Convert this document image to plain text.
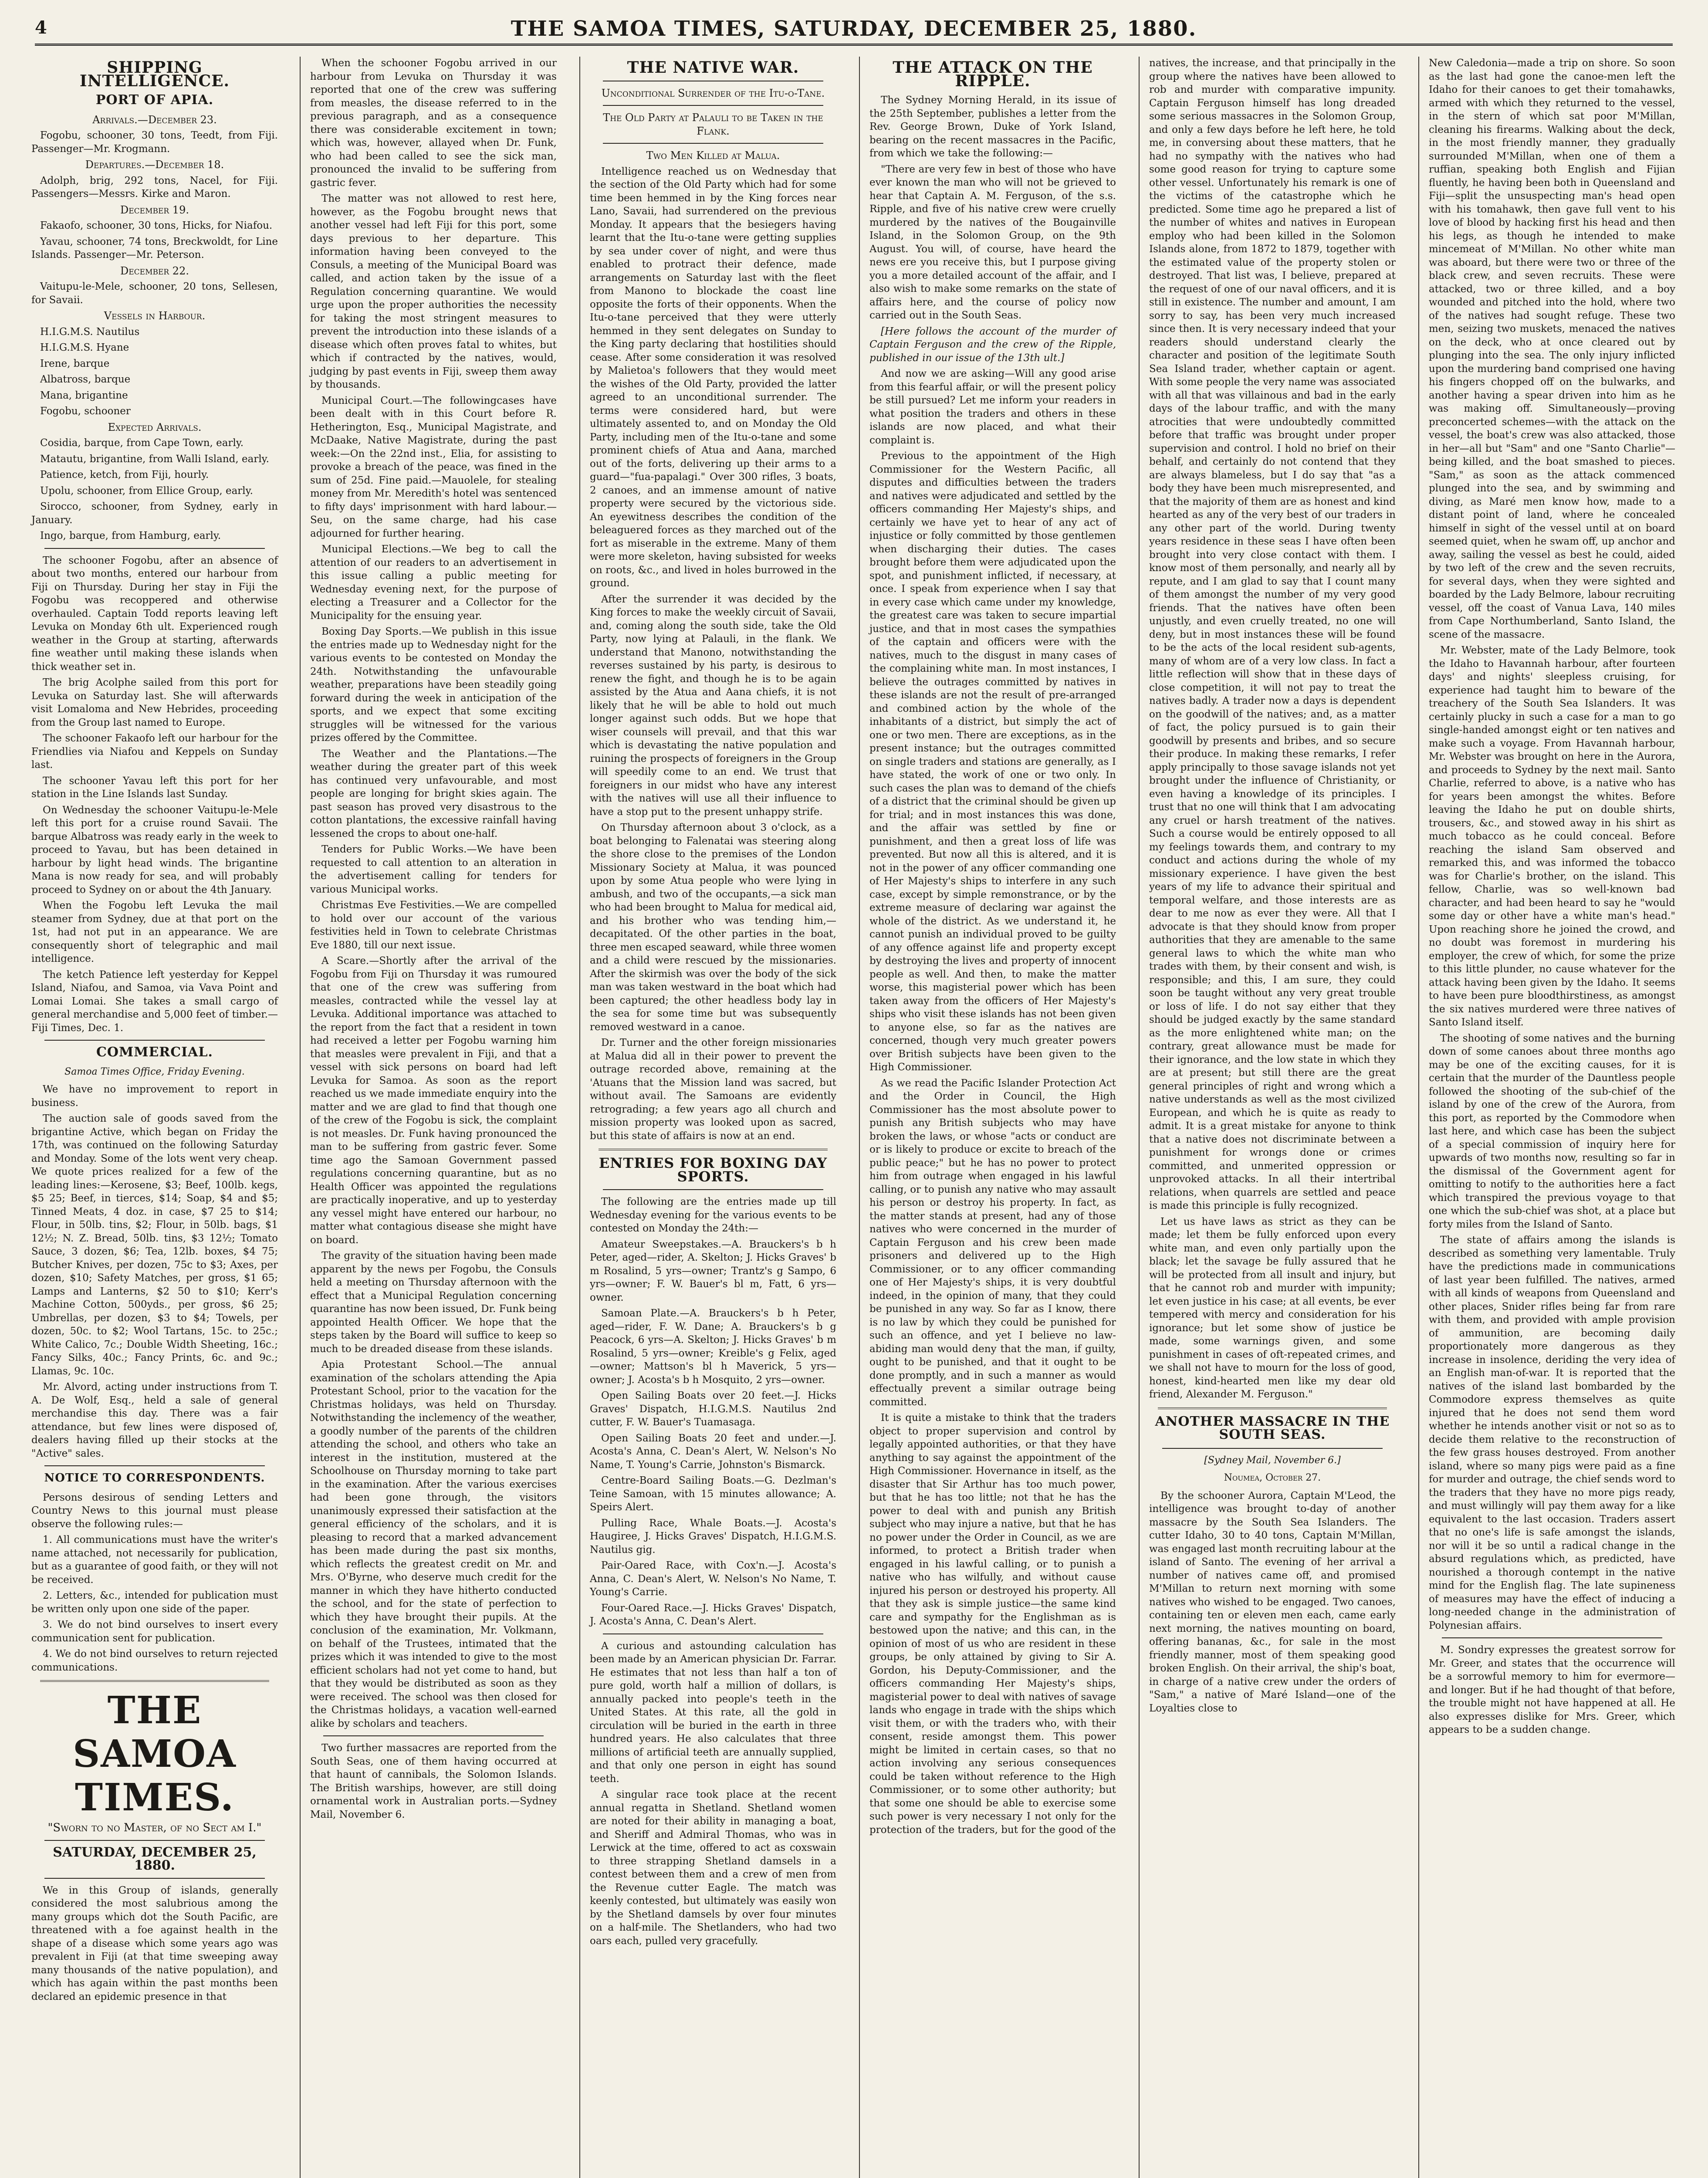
4	THE SAMOA TIMES, SATURDAY, DECEMBER 25, 1880.
SHIPPING INTELLIGENCE.
PORT OF APIA.
Arrivals.—December 23.
Fogobu, schooner, 30 tons, Teedt, from Fiji. Passenger—Mr. Krogmann.
Departures.—December 18.
Adolph, brig, 292 tons, Nacel, for Fiji. Passengers—Messrs. Kirke and Maron.
December 19.
Fakaofo, schooner, 30 tons, Hicks, for Niafou.
Yavau, schooner, 74 tons, Breckwoldt, for Line Islands. Passenger—Mr. Peterson.
December 22.
Vaitupu-le-Mele, schooner, 20 tons, Sellesen, for Savaii.
Vessels in Harbour.
H.I.G.M.S. Nautilus
H.I.G.M.S. Hyane
Irene, barque
Albatross, barque
Mana, brigantine
Fogobu, schooner
Expected Arrivals.
Cosidia, barque, from Cape Town, early.
Matautu, brigantine, from Walli Island, early.
Patience, ketch, from Fiji, hourly.
Upolu, schooner, from Ellice Group, early.
Sirocco, schooner, from Sydney, early in January.
Ingo, barque, from Hamburg, early.
The schooner Fogobu, after an absence of about two months, entered our harbour from Fiji on Thursday. During her stay in Fiji the Fogobu was recoppered and otherwise overhauled. Captain Todd reports leaving left Levuka on Monday 6th ult. Experienced rough weather in the Group at starting, afterwards fine weather until making these islands when thick weather set in.
The brig Acolphe sailed from this port for Levuka on Saturday last. She will afterwards visit Lomaloma and New Hebrides, proceeding from the Group last named to Europe.
The schooner Fakaofo left our harbour for the Friendlies via Niafou and Keppels on Sunday last.
The schooner Yavau left this port for her station in the Line Islands last Sunday.
On Wednesday the schooner Vaitupu-le-Mele left this port for a cruise round Savaii. The barque Albatross was ready early in the week to proceed to Yavau, but has been detained in harbour by light head winds. The brigantine Mana is now ready for sea, and will probably proceed to Sydney on or about the 4th January.
When the Fogobu left Levuka the mail steamer from Sydney, due at that port on the 1st, had not put in an appearance. We are consequently short of telegraphic and mail intelligence.
The ketch Patience left yesterday for Keppel Island, Niafou, and Samoa, via Vava Point and Lomai Lomai. She takes a small cargo of general merchandise and 5,000 feet of timber.—Fiji Times, Dec. 1.
COMMERCIAL.
Samoa Times Office, Friday Evening.
We have no improvement to report in business.
The auction sale of goods saved from the brigantine Active, which began on Friday the 17th, was continued on the following Saturday and Monday. Some of the lots went very cheap. We quote prices realized for a few of the leading lines:—Kerosene, $3; Beef, 100lb. kegs, $5 25; Beef, in tierces, $14; Soap, $4 and $5; Tinned Meats, 4 doz. in case, $7 25 to $14; Flour, in 50lb. tins, $2; Flour, in 50lb. bags, $1 12½; N. Z. Bread, 50lb. tins, $3 12½; Tomato Sauce, 3 dozen, $6; Tea, 12lb. boxes, $4 75; Butcher Knives, per dozen, 75c to $3; Axes, per dozen, $10; Safety Matches, per gross, $1 65; Lamps and Lanterns, $2 50 to $10; Kerr's Machine Cotton, 500yds., per gross, $6 25; Umbrellas, per dozen, $3 to $4; Towels, per dozen, 50c. to $2; Wool Tartans, 15c. to 25c.; White Calico, 7c.; Double Width Sheeting, 16c.; Fancy Silks, 40c.; Fancy Prints, 6c. and 9c.; Llamas, 9c. 10c.
Mr. Alvord, acting under instructions from T. A. De Wolf, Esq., held a sale of general merchandise this day. There was a fair attendance, but few lines were disposed of, dealers having filled up their stocks at the "Active" sales.
NOTICE TO CORRESPONDENTS.
Persons desirous of sending Letters and Country News to this journal must please observe the following rules:—
1. All communications must have the writer's name attached, not necessarily for publication, but as a guarantee of good faith, or they will not be received.
2. Letters, &c., intended for publication must be written only upon one side of the paper.
3. We do not bind ourselves to insert every communication sent for publication.
4. We do not bind ourselves to return rejected communications.
THE SAMOA TIMES.
"Sworn to no Master, of no Sect am I."
SATURDAY, DECEMBER 25, 1880.
We in this Group of islands, generally considered the most salubrious among the many groups which dot the South Pacific, are threatened with a foe against health in the shape of a disease which some years ago was prevalent in Fiji (at that time sweeping away many thousands of the native population), and which has again within the past months been declared an epidemic presence in that
When the schooner Fogobu arrived in our harbour from Levuka on Thursday it was reported that one of the crew was suffering from measles, the disease referred to in the previous paragraph, and as a consequence there was considerable excitement in town; which was, however, allayed when Dr. Funk, who had been called to see the sick man, pronounced the invalid to be suffering from gastric fever.
The matter was not allowed to rest here, however, as the Fogobu brought news that another vessel had left Fiji for this port, some days previous to her departure. This information having been conveyed to the Consuls, a meeting of the Municipal Board was called, and action taken by the issue of a Regulation concerning quarantine. We would urge upon the proper authorities the necessity for taking the most stringent measures to prevent the introduction into these islands of a disease which often proves fatal to whites, but which if contracted by the natives, would, judging by past events in Fiji, sweep them away by thousands.
Municipal Court.—The followingcases have been dealt with in this Court before R. Hetherington, Esq., Municipal Magistrate, and McDaake, Native Magistrate, during the past week:—On the 22nd inst., Elia, for assisting to provoke a breach of the peace, was fined in the sum of 25d. Fine paid.—Mauolele, for stealing money from Mr. Meredith's hotel was sentenced to fifty days' imprisonment with hard labour.—Seu, on the same charge, had his case adjourned for further hearing.
Municipal Elections.—We beg to call the attention of our readers to an advertisement in this issue calling a public meeting for Wednesday evening next, for the purpose of electing a Treasurer and a Collector for the Municipality for the ensuing year.
Boxing Day Sports.—We publish in this issue the entries made up to Wednesday night for the various events to be contested on Monday the 24th. Notwithstanding the unfavourable weather, preparations have been steadily going forward during the week in anticipation of the sports, and we expect that some exciting struggles will be witnessed for the various prizes offered by the Committee.
The Weather and the Plantations.—The weather during the greater part of this week has continued very unfavourable, and most people are longing for bright skies again. The past season has proved very disastrous to the cotton plantations, the excessive rainfall having lessened the crops to about one-half.
Tenders for Public Works.—We have been requested to call attention to an alteration in the advertisement calling for tenders for various Municipal works.
Christmas Eve Festivities.—We are compelled to hold over our account of the various festivities held in Town to celebrate Christmas Eve 1880, till our next issue.
A Scare.—Shortly after the arrival of the Fogobu from Fiji on Thursday it was rumoured that one of the crew was suffering from measles, contracted while the vessel lay at Levuka. Additional importance was attached to the report from the fact that a resident in town had received a letter per Fogobu warning him that measles were prevalent in Fiji, and that a vessel with sick persons on board had left Levuka for Samoa. As soon as the report reached us we made immediate enquiry into the matter and we are glad to find that though one of the crew of the Fogobu is sick, the complaint is not measles. Dr. Funk having pronounced the man to be suffering from gastric fever. Some time ago the Samoan Government passed regulations concerning quarantine, but as no Health Officer was appointed the regulations are practically inoperative, and up to yesterday any vessel might have entered our harbour, no matter what contagious disease she might have on board.
The gravity of the situation having been made apparent by the news per Fogobu, the Consuls held a meeting on Thursday afternoon with the effect that a Municipal Regulation concerning quarantine has now been issued, Dr. Funk being appointed Health Officer. We hope that the steps taken by the Board will suffice to keep so much to be dreaded disease from these islands.
Apia Protestant School.—The annual examination of the scholars attending the Apia Protestant School, prior to the vacation for the Christmas holidays, was held on Thursday. Notwithstanding the inclemency of the weather, a goodly number of the parents of the children attending the school, and others who take an interest in the institution, mustered at the Schoolhouse on Thursday morning to take part in the examination. After the various exercises had been gone through, the visitors unanimously expressed their satisfaction at the general efficiency of the scholars, and it is pleasing to record that a marked advancement has been made during the past six months, which reflects the greatest credit on Mr. and Mrs. O'Byrne, who deserve much credit for the manner in which they have hitherto conducted the school, and for the state of perfection to which they have brought their pupils. At the conclusion of the examination, Mr. Volkmann, on behalf of the Trustees, intimated that the prizes which it was intended to give to the most efficient scholars had not yet come to hand, but that they would be distributed as soon as they were received. The school was then closed for the Christmas holidays, a vacation well-earned alike by scholars and teachers.
Two further massacres are reported from the South Seas, one of them having occurred at that haunt of cannibals, the Solomon Islands. The British warships, however, are still doing ornamental work in Australian ports.—Sydney Mail, November 6.
THE NATIVE WAR.
Unconditional Surrender of the Itu-o-Tane.
The Old Party at Palauli to be Taken in the Flank.
Two Men Killed at Malua.
Intelligence reached us on Wednesday that the section of the Old Party which had for some time been hemmed in by the King forces near Lano, Savaii, had surrendered on the previous Monday. It appears that the besiegers having learnt that the Itu-o-tane were getting supplies by sea under cover of night, and were thus enabled to protract their defence, made arrangements on Saturday last with the fleet from Manono to blockade the coast line opposite the forts of their opponents. When the Itu-o-tane perceived that they were utterly hemmed in they sent delegates on Sunday to the King party declaring that hostilities should cease. After some consideration it was resolved by Malietoa's followers that they would meet the wishes of the Old Party, provided the latter agreed to an unconditional surrender. The terms were considered hard, but were ultimately assented to, and on Monday the Old Party, including men of the Itu-o-tane and some prominent chiefs of Atua and Aana, marched out of the forts, delivering up their arms to a guard—"fua-papalagi." Over 300 rifles, 3 boats, 2 canoes, and an immense amount of native property were secured by the victorious side. An eyewitness describes the condition of the beleaguered forces as they marched out of the fort as miserable in the extreme. Many of them were more skeleton, having subsisted for weeks on roots, &c., and lived in holes burrowed in the ground.
After the surrender it was decided by the King forces to make the weekly circuit of Savaii, and, coming along the south side, take the Old Party, now lying at Palauli, in the flank. We understand that Manono, notwithstanding the reverses sustained by his party, is desirous to renew the fight, and though he is to be again assisted by the Atua and Aana chiefs, it is not likely that he will be able to hold out much longer against such odds. But we hope that wiser counsels will prevail, and that this war which is devastating the native population and ruining the prospects of foreigners in the Group will speedily come to an end. We trust that foreigners in our midst who have any interest with the natives will use all their influence to have a stop put to the present unhappy strife.
On Thursday afternoon about 3 o'clock, as a boat belonging to Falenatai was steering along the shore close to the premises of the London Missionary Society at Malua, it was pounced upon by some Atua people who were lying in ambush, and two of the occupants,—a sick man who had been brought to Malua for medical aid, and his brother who was tending him,—decapitated. Of the other parties in the boat, three men escaped seaward, while three women and a child were rescued by the missionaries. After the skirmish was over the body of the sick man was taken westward in the boat which had been captured; the other headless body lay in the sea for some time but was subsequently removed westward in a canoe.
Dr. Turner and the other foreign missionaries at Malua did all in their power to prevent the outrage recorded above, remaining at the 'Atuans that the Mission land was sacred, but without avail. The Samoans are evidently retrograding; a few years ago all church and mission property was looked upon as sacred, but this state of affairs is now at an end.
ENTRIES FOR BOXING DAY SPORTS.
The following are the entries made up till Wednesday evening for the various events to be contested on Monday the 24th:—
Amateur Sweepstakes.—A. Brauckers's b h Peter, aged—rider, A. Skelton; J. Hicks Graves' b m Rosalind, 5 yrs—owner; Trantz's g Sampo, 6 yrs—owner; F. W. Bauer's bl m, Fatt, 6 yrs—owner.
Samoan Plate.—A. Brauckers's b h Peter, aged—rider, F. W. Dane; A. Brauckers's b g Peacock, 6 yrs—A. Skelton; J. Hicks Graves' b m Rosalind, 5 yrs—owner; Kreible's g Felix, aged—owner; Mattson's bl h Maverick, 5 yrs—owner; J. Acosta's b h Mosquito, 2 yrs—owner.
Open Sailing Boats over 20 feet.—J. Hicks Graves' Dispatch, H.I.G.M.S. Nautilus 2nd cutter, F. W. Bauer's Tuamasaga.
Open Sailing Boats 20 feet and under.—J. Acosta's Anna, C. Dean's Alert, W. Nelson's No Name, T. Young's Carrie, Johnston's Bismarck.
Centre-Board Sailing Boats.—G. Dezlman's Teine Samoan, with 15 minutes allowance; A. Speirs Alert.
Pulling Race, Whale Boats.—J. Acosta's Haugiree, J. Hicks Graves' Dispatch, H.I.G.M.S. Nautilus gig.
Pair-Oared Race, with Cox'n.—J. Acosta's Anna, C. Dean's Alert, W. Nelson's No Name, T. Young's Carrie.
Four-Oared Race.—J. Hicks Graves' Dispatch, J. Acosta's Anna, C. Dean's Alert.
A curious and astounding calculation has been made by an American physician Dr. Farrar. He estimates that not less than half a ton of pure gold, worth half a million of dollars, is annually packed into people's teeth in the United States. At this rate, all the gold in circulation will be buried in the earth in three hundred years. He also calculates that three millions of artificial teeth are annually supplied, and that only one person in eight has sound teeth.
A singular race took place at the recent annual regatta in Shetland. Shetland women are noted for their ability in managing a boat, and Sheriff and Admiral Thomas, who was in Lerwick at the time, offered to act as coxswain to three strapping Shetland damsels in a contest between them and a crew of men from the Revenue cutter Eagle. The match was keenly contested, but ultimately was easily won by the Shetland damsels by over four minutes on a half-mile. The Shetlanders, who had two oars each, pulled very gracefully.
THE ATTACK ON THE RIPPLE.
The Sydney Morning Herald, in its issue of the 25th September, publishes a letter from the Rev. George Brown, Duke of York Island, bearing on the recent massacres in the Pacific, from which we take the following:—
"There are very few in best of those who have ever known the man who will not be grieved to hear that Captain A. M. Ferguson, of the s.s. Ripple, and five of his native crew were cruelly murdered by the natives of the Bougainville Island, in the Solomon Group, on the 9th August. You will, of course, have heard the news ere you receive this, but I purpose giving you a more detailed account of the affair, and I also wish to make some remarks on the state of affairs here, and the course of policy now carried out in the South Seas.
[Here follows the account of the murder of Captain Ferguson and the crew of the Ripple, published in our issue of the 13th ult.]
And now we are asking—Will any good arise from this fearful affair, or will the present policy be still pursued? Let me inform your readers in what position the traders and others in these islands are now placed, and what their complaint is.
Previous to the appointment of the High Commissioner for the Western Pacific, all disputes and difficulties between the traders and natives were adjudicated and settled by the officers commanding Her Majesty's ships, and certainly we have yet to hear of any act of injustice or folly committed by those gentlemen when discharging their duties. The cases brought before them were adjudicated upon the spot, and punishment inflicted, if necessary, at once. I speak from experience when I say that in every case which came under my knowledge, the greatest care was taken to secure impartial justice, and that in most cases the sympathies of the captain and officers were with the natives, much to the disgust in many cases of the complaining white man. In most instances, I believe the outrages committed by natives in these islands are not the result of pre-arranged and combined action by the whole of the inhabitants of a district, but simply the act of one or two men. There are exceptions, as in the present instance; but the outrages committed on single traders and stations are generally, as I have stated, the work of one or two only. In such cases the plan was to demand of the chiefs of a district that the criminal should be given up for trial; and in most instances this was done, and the affair was settled by fine or punishment, and then a great loss of life was prevented. But now all this is altered, and it is not in the power of any officer commanding one of Her Majesty's ships to interfere in any such case, except by simple remonstrance, or by the extreme measure of declaring war against the whole of the district. As we understand it, he cannot punish an individual proved to be guilty of any offence against life and property except by destroying the lives and property of innocent people as well. And then, to make the matter worse, this magisterial power which has been taken away from the officers of Her Majesty's ships who visit these islands has not been given to anyone else, so far as the natives are concerned, though very much greater powers over British subjects have been given to the High Commissioner.
As we read the Pacific Islander Protection Act and the Order in Council, the High Commissioner has the most absolute power to punish any British subjects who may have broken the laws, or whose "acts or conduct are or is likely to produce or excite to breach of the public peace;" but he has no power to protect him from outrage when engaged in his lawful calling, or to punish any native who may assault his person or destroy his property. In fact, as the matter stands at present, had any of those natives who were concerned in the murder of Captain Ferguson and his crew been made prisoners and delivered up to the High Commissioner, or to any officer commanding one of Her Majesty's ships, it is very doubtful indeed, in the opinion of many, that they could be punished in any way. So far as I know, there is no law by which they could be punished for such an offence, and yet I believe no law-abiding man would deny that the man, if guilty, ought to be punished, and that it ought to be done promptly, and in such a manner as would effectually prevent a similar outrage being committed.
It is quite a mistake to think that the traders object to proper supervision and control by legally appointed authorities, or that they have anything to say against the appointment of the High Commissioner. Hovernance in itself, as the disaster that Sir Arthur has too much power, but that he has too little; not that he has the power to deal with and punish any British subject who may injure a native, but that he has no power under the Order in Council, as we are informed, to protect a British trader when engaged in his lawful calling, or to punish a native who has wilfully, and without cause injured his person or destroyed his property. All that they ask is simple justice—the same kind care and sympathy for the Englishman as is bestowed upon the native; and this can, in the opinion of most of us who are resident in these groups, be only attained by giving to Sir A. Gordon, his Deputy-Commissioner, and the officers commanding Her Majesty's ships, magisterial power to deal with natives of savage lands who engage in trade with the ships which visit them, or with the traders who, with their consent, reside amongst them. This power might be limited in certain cases, so that no action involving any serious consequences could be taken without reference to the High Commissioner, or to some other authority; but that some one should be able to exercise some such power is very necessary I not only for the protection of the traders, but for the good of the
natives, the increase, and that principally in the group where the natives have been allowed to rob and murder with comparative impunity. Captain Ferguson himself has long dreaded some serious massacres in the Solomon Group, and only a few days before he left here, he told me, in conversing about these matters, that he had no sympathy with the natives who had some good reason for trying to capture some other vessel. Unfortunately his remark is one of the victims of the catastrophe which he predicted. Some time ago he prepared a list of the number of whites and natives in European employ who had been killed in the Solomon Islands alone, from 1872 to 1879, together with the estimated value of the property stolen or destroyed. That list was, I believe, prepared at the request of one of our naval officers, and it is still in existence. The number and amount, I am sorry to say, has been very much increased since then. It is very necessary indeed that your readers should understand clearly the character and position of the legitimate South Sea Island trader, whether captain or agent. With some people the very name was associated with all that was villainous and bad in the early days of the labour traffic, and with the many atrocities that were undoubtedly committed before that traffic was brought under proper supervision and control. I hold no brief on their behalf, and certainly do not contend that they are always blameless, but I do say that "as a body they have been much misrepresented, and that the majority of them are as honest and kind hearted as any of the very best of our traders in any other part of the world. During twenty years residence in these seas I have often been brought into very close contact with them. I know most of them personally, and nearly all by repute, and I am glad to say that I count many of them amongst the number of my very good friends. That the natives have often been unjustly, and even cruelly treated, no one will deny, but in most instances these will be found to be the acts of the local resident sub-agents, many of whom are of a very low class. In fact a little reflection will show that in these days of close competition, it will not pay to treat the natives badly. A trader now a days is dependent on the goodwill of the natives; and, as a matter of fact, the policy pursued is to gain their goodwill by presents and bribes, and so secure their produce. In making these remarks, I refer apply principally to those savage islands not yet brought under the influence of Christianity, or even having a knowledge of its principles. I trust that no one will think that I am advocating any cruel or harsh treatment of the natives. Such a course would be entirely opposed to all my feelings towards them, and contrary to my conduct and actions during the whole of my missionary experience. I have given the best years of my life to advance their spiritual and temporal welfare, and those interests are as dear to me now as ever they were. All that I advocate is that they should know from proper authorities that they are amenable to the same general laws to which the white man who trades with them, by their consent and wish, is responsible; and this, I am sure, they could soon be taught without any very great trouble or loss of life. I do not say either that they should be judged exactly by the same standard as the more enlightened white man; on the contrary, great allowance must be made for their ignorance, and the low state in which they are at present; but still there are the great general principles of right and wrong which a native understands as well as the most civilized European, and which he is quite as ready to admit. It is a great mistake for anyone to think that a native does not discriminate between a punishment for wrongs done or crimes committed, and unmerited oppression or unprovoked attacks. In all their intertribal relations, when quarrels are settled and peace is made this principle is fully recognized.
Let us have laws as strict as they can be made; let them be fully enforced upon every white man, and even only partially upon the black; let the savage be fully assured that he will be protected from all insult and injury, but that he cannot rob and murder with impunity; let even justice in his case; at all events, be ever tempered with mercy and consideration for his ignorance; but let some show of justice be made, some warnings given, and some punishment in cases of oft-repeated crimes, and we shall not have to mourn for the loss of good, honest, kind-hearted men like my dear old friend, Alexander M. Ferguson."
ANOTHER MASSACRE IN THE SOUTH SEAS.
[Sydney Mail, November 6.]
Noumea, October 27.
By the schooner Aurora, Captain M'Leod, the intelligence was brought to-day of another massacre by the South Sea Islanders. The cutter Idaho, 30 to 40 tons, Captain M'Millan, was engaged last month recruiting labour at the island of Santo. The evening of her arrival a number of natives came off, and promised M'Millan to return next morning with some natives who wished to be engaged. Two canoes, containing ten or eleven men each, came early next morning, the natives mounting on board, offering bananas, &c., for sale in the most friendly manner, most of them speaking good broken English. On their arrival, the ship's boat, in charge of a native crew under the orders of "Sam," a native of Maré Island—one of the Loyalties close to
New Caledonia—made a trip on shore. So soon as the last had gone the canoe-men left the Idaho for their canoes to get their tomahawks, armed with which they returned to the vessel, in the stern of which sat poor M'Millan, cleaning his firearms. Walking about the deck, in the most friendly manner, they gradually surrounded M'Millan, when one of them a ruffian, speaking both English and Fijian fluently, he having been both in Queensland and Fiji—split the unsuspecting man's head open with his tomahawk, then gave full vent to his love of blood by hacking first his head and then his legs, as though he intended to make mincemeat of M'Millan. No other white man was aboard, but there were two or three of the black crew, and seven recruits. These were attacked, two or three killed, and a boy wounded and pitched into the hold, where two of the natives had sought refuge. These two men, seizing two muskets, menaced the natives on the deck, who at once cleared out by plunging into the sea. The only injury inflicted upon the murdering band comprised one having his fingers chopped off on the bulwarks, and another having a spear driven into him as he was making off. Simultaneously—proving preconcerted schemes—with the attack on the vessel, the boat's crew was also attacked, those in her—all but "Sam" and one "Santo Charlie"—being killed, and the boat smashed to pieces. "Sam," as soon as the attack commenced plunged into the sea, and by swimming and diving, as Maré men know how, made to a distant point of land, where he concealed himself in sight of the vessel until at on board seemed quiet, when he swam off, up anchor and away, sailing the vessel as best he could, aided by two left of the crew and the seven recruits, for several days, when they were sighted and boarded by the Lady Belmore, labour recruiting vessel, off the coast of Vanua Lava, 140 miles from Cape Northumberland, Santo Island, the scene of the massacre.
Mr. Webster, mate of the Lady Belmore, took the Idaho to Havannah harbour, after fourteen days' and nights' sleepless cruising, for experience had taught him to beware of the treachery of the South Sea Islanders. It was certainly plucky in such a case for a man to go single-handed amongst eight or ten natives and make such a voyage. From Havannah harbour, Mr. Webster was brought on here in the Aurora, and proceeds to Sydney by the next mail. Santo Charlie, referred to above, is a native who has for years been amongst the whites. Before leaving the Idaho he put on double shirts, trousers, &c., and stowed away in his shirt as much tobacco as he could conceal. Before reaching the island Sam observed and remarked this, and was informed the tobacco was for Charlie's brother, on the island. This fellow, Charlie, was so well-known bad character, and had been heard to say he "would some day or other have a white man's head." Upon reaching shore he joined the crowd, and no doubt was foremost in murdering his employer, the crew of which, for some the prize to this little plunder, no cause whatever for the attack having been given by the Idaho. It seems to have been pure bloodthirstiness, as amongst the six natives murdered were three natives of Santo Island itself.
The shooting of some natives and the burning down of some canoes about three months ago may be one of the exciting causes, for it is certain that the murder of the Dauntless people followed the shooting of the sub-chief of the island by one of the crew of the Aurora, from this port, as reported by the Commodore when last here, and which case has been the subject of a special commission of inquiry here for upwards of two months now, resulting so far in the dismissal of the Government agent for omitting to notify to the authorities here a fact which transpired the previous voyage to that one which the sub-chief was shot, at a place but forty miles from the Island of Santo.
The state of affairs among the islands is described as something very lamentable. Truly have the predictions made in communications of last year been fulfilled. The natives, armed with all kinds of weapons from Queensland and other places, Snider rifles being far from rare with them, and provided with ample provision of ammunition, are becoming daily proportionately more dangerous as they increase in insolence, deriding the very idea of an English man-of-war. It is reported that the natives of the island last bombarded by the Commodore express themselves as quite injured that he does not send them word whether he intends another visit or not so as to decide them relative to the reconstruction of the few grass houses destroyed. From another island, where so many pigs were paid as a fine for murder and outrage, the chief sends word to the traders that they have no more pigs ready, and must willingly will pay them away for a like equivalent to the last occasion. Traders assert that no one's life is safe amongst the islands, nor will it be so until a radical change in the absurd regulations which, as predicted, have nourished a thorough contempt in the native mind for the English flag. The late supineness of measures may have the effect of inducing a long-needed change in the administration of Polynesian affairs.
M. Sondry expresses the greatest sorrow for Mr. Greer, and states that the occurrence will be a sorrowful memory to him for evermore—and longer. But if he had thought of that before, the trouble might not have happened at all. He also expresses dislike for Mrs. Greer, which appears to be a sudden change.
